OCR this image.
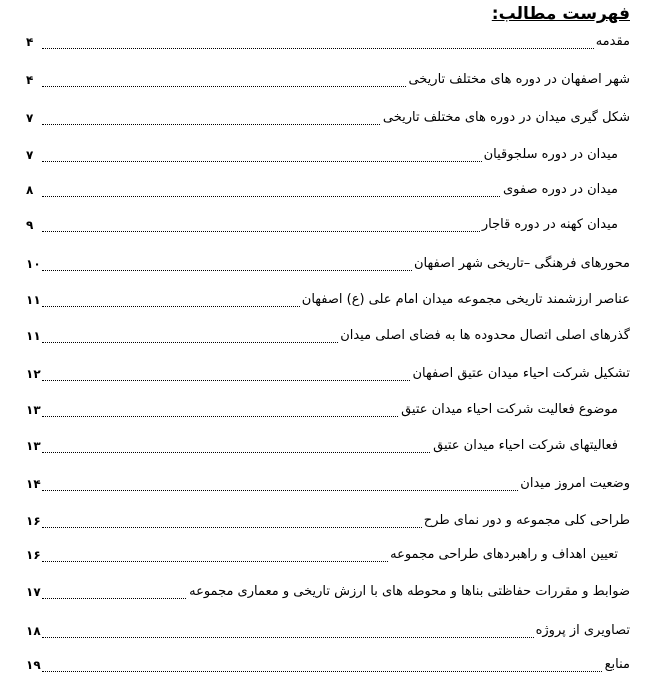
فهرست مطالب:
مقدمه
۴
شهر اصفهان در دوره های مختلف تاریخی
۴
شکل گیری میدان در دوره های مختلف تاریخی
۷
میدان در دوره سلجوقیان
۷
میدان در دوره صفوی
۸
میدان کهنه در دوره قاجار
۹
محورهای فرهنگی –تاریخی شهر اصفهان
۱۰
عناصر ارزشمند تاریخی مجموعه میدان امام علی (ع) اصفهان
۱۱
گذرهای اصلی اتصال محدوده ها به فضای اصلی میدان
۱۱
تشکیل شرکت احیاء میدان عتیق اصفهان
۱۲
موضوع فعالیت شرکت احیاء میدان عتیق
۱۳
فعالیتهای شرکت احیاء میدان عتیق
۱۳
وضعیت امروز میدان
۱۴
طراحی کلی مجموعه و دور نمای طرح
۱۶
تعیین اهداف و راهبردهای طراحی مجموعه
۱۶
ضوابط و مقررات حفاظتی بناها و محوطه های با ارزش تاریخی و معماری مجموعه
۱۷
تصاویری از پروژه
۱۸
منابع
۱۹
